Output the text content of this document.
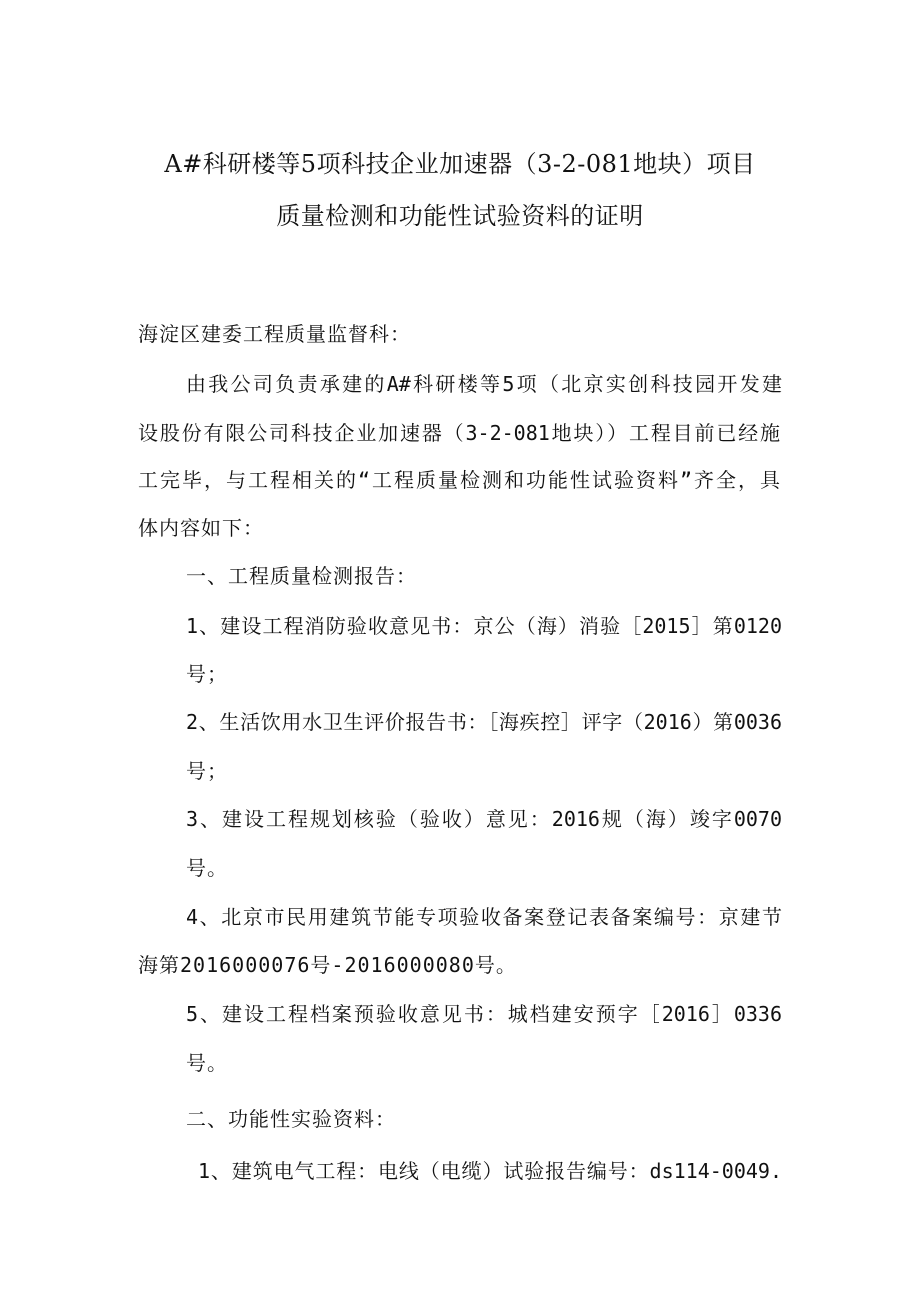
A#科研楼等5项科技企业加速器（3-2-081地块）项目
质量检测和功能性试验资料的证明
海淀区建委工程质量监督科：
由我公司负责承建的A#科研楼等5项（北京实创科技园开发建
设股份有限公司科技企业加速器（3-2-081地块））工程目前已经施
工完毕，与工程相关的“工程质量检测和功能性试验资料”齐全，具
体内容如下：
一、工程质量检测报告：
1、建设工程消防验收意见书：京公（海）消验［2015］第0120
号；
2、生活饮用水卫生评价报告书：［海疾控］评字（2016）第0036
号；
3、建设工程规划核验（验收）意见：2016规（海）竣字0070
号。
4、北京市民用建筑节能专项验收备案登记表备案编号：京建节
海第2016000076号-2016000080号。
5、建设工程档案预验收意见书：城档建安预字［2016］0336
号。
二、功能性实验资料：
1、建筑电气工程：电线（电缆）试验报告编号：ds114-0049.
